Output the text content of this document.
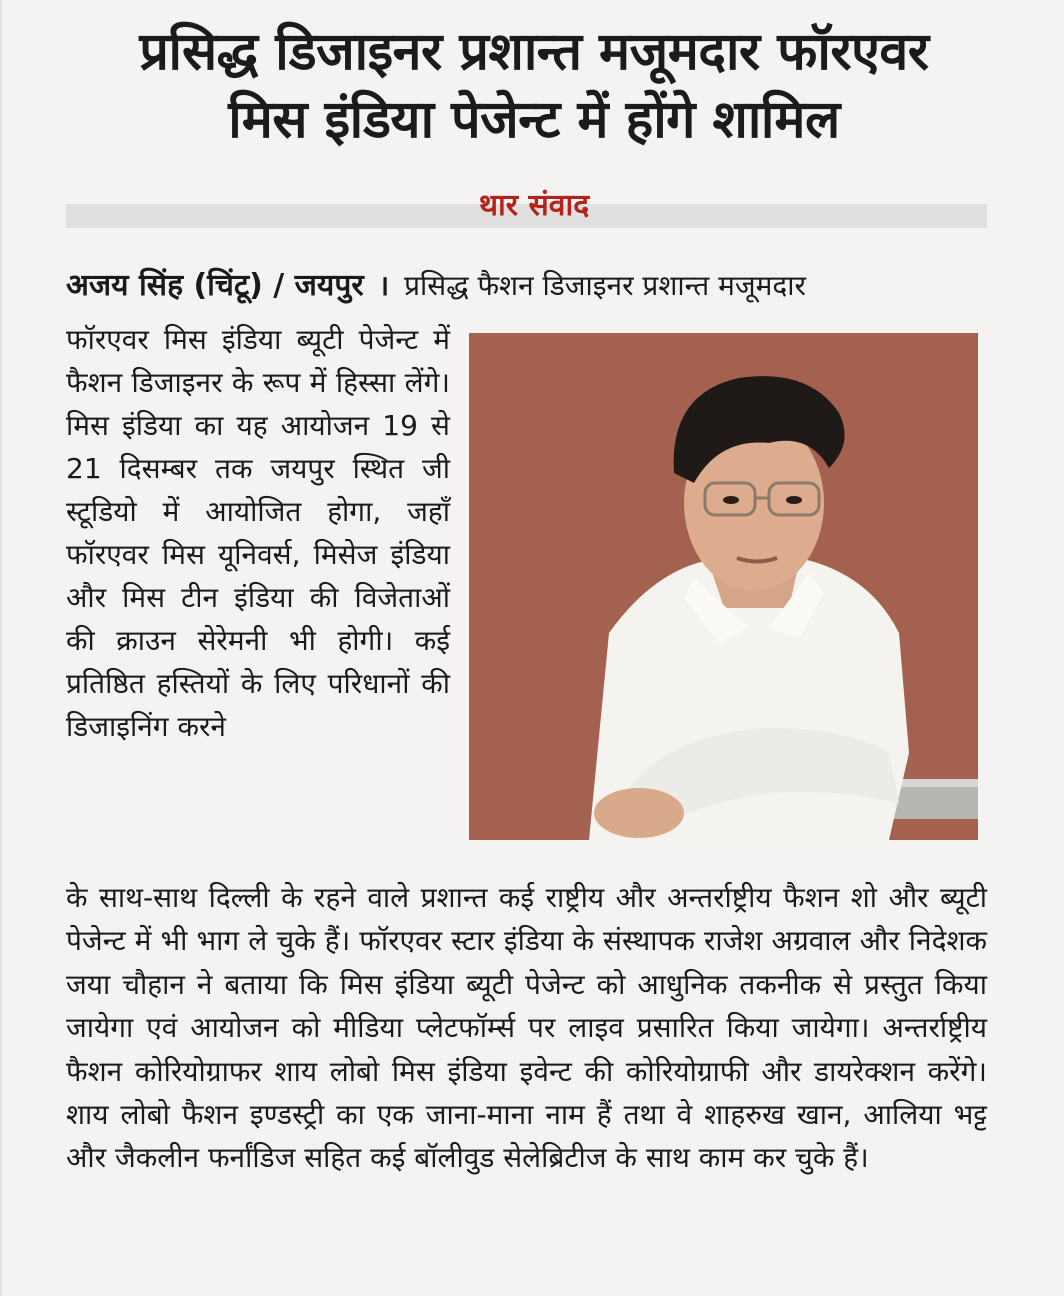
प्रसिद्ध डिजाइनर प्रशान्त मजूमदार फॉरएवर
मिस इंडिया पेजेन्ट में होंगे शामिल
थार संवाद
अजय सिंह (चिंटू) / जयपुर । प्रसिद्ध फैशन डिजाइनर प्रशान्त मजूमदार
फॉरएवर मिस इंडिया ब्यूटी पेजेन्ट में फैशन डिजाइनर के रूप में हिस्सा लेंगे। मिस इंडिया का यह आयोजन 19 से 21 दिसम्बर तक जयपुर स्थित जी स्टूडियो में आयोजित होगा, जहाँ फॉरएवर मिस यूनिवर्स, मिसेज इंडिया और मिस टीन इंडिया की विजेताओं की क्राउन सेरेमनी भी होगी। कई प्रतिष्ठित हस्तियों के लिए परिधानों की डिजाइनिंग करने
के साथ-साथ दिल्ली के रहने वाले प्रशान्त कई राष्ट्रीय और अन्तर्राष्ट्रीय फैशन शो और ब्यूटी पेजेन्ट में भी भाग ले चुके हैं। फॉरएवर स्टार इंडिया के संस्थापक राजेश अग्रवाल और निदेशक जया चौहान ने बताया कि मिस इंडिया ब्यूटी पेजेन्ट को आधुनिक तकनीक से प्रस्तुत किया जायेगा एवं आयोजन को मीडिया प्लेटफॉर्म्स पर लाइव प्रसारित किया जायेगा। अन्तर्राष्ट्रीय फैशन कोरियोग्राफर शाय लोबो मिस इंडिया इवेन्ट की कोरियोग्राफी और डायरेक्शन करेंगे। शाय लोबो फैशन इण्डस्ट्री का एक जाना-माना नाम हैं तथा वे शाहरुख खान, आलिया भट्ट और जैकलीन फर्नांडिज सहित कई बॉलीवुड सेलेब्रिटीज के साथ काम कर चुके हैं।
